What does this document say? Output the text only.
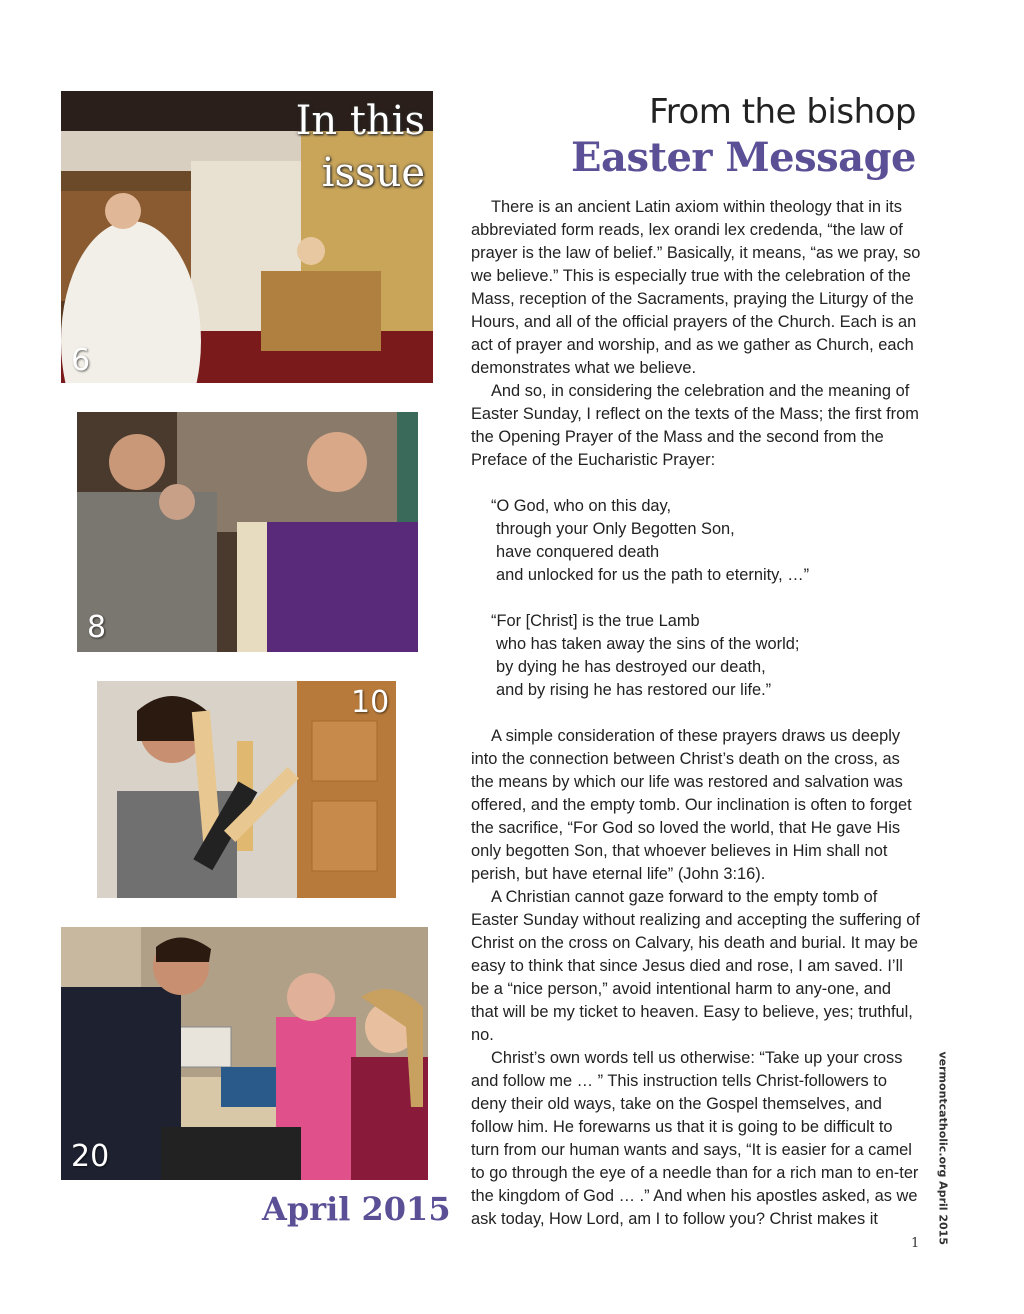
In this
issue
6
8
10
20
April 2015
From the bishop
Easter Message

There is an ancient Latin axiom within theology that in its abbreviated form reads, lex orandi lex credenda, “the law of prayer is the law of belief.” Basically, it means, “as we pray, so we believe.” This is especially true with the celebration of the Mass, reception of the Sacraments, praying the Liturgy of the Hours, and all of the official prayers of the Church. Each is an act of prayer and worship, and as we gather as Church, each demonstrates what we believe.

And so, in considering the celebration and the meaning of Easter Sunday, I reflect on the texts of the Mass; the first from the Opening Prayer of the Mass and the second from the Preface of the Eucharistic Prayer:

“O God, who on this day,
through your Only Begotten Son,
have conquered death
and unlocked for us the path to eternity, …”
“For [Christ] is the true Lamb
who has taken away the sins of the world;
by dying he has destroyed our death,
and by rising he has restored our life.”

A simple consideration of these prayers draws us deeply into the connection between Christ’s death on the cross, as the means by which our life was restored and salvation was offered, and the empty tomb. Our inclination is often to forget the sacrifice, “For God so loved the world, that He gave His only begotten Son, that whoever believes in Him shall not perish, but have eternal life” (John 3:16).

A Christian cannot gaze forward to the empty tomb of Easter Sunday without realizing and accepting the suffering of Christ on the cross on Calvary, his death and burial. It may be easy to think that since Jesus died and rose, I am saved. I’ll be a “nice person,” avoid intentional harm to any-one, and that will be my ticket to heaven. Easy to believe, yes; truthful, no.

Christ’s own words tell us otherwise: “Take up your cross and follow me … ” This instruction tells Christ-followers to deny their old ways, take on the Gospel themselves, and follow him. He forewarns us that it is going to be difficult to turn from our human wants and says, “It is easier for a camel to go through the eye of a needle than for a rich man to en-ter the kingdom of God … .” And when his apostles asked, as we ask today, How Lord, am I to follow you? Christ makes it	vermontcatholic.org April 2015
1
